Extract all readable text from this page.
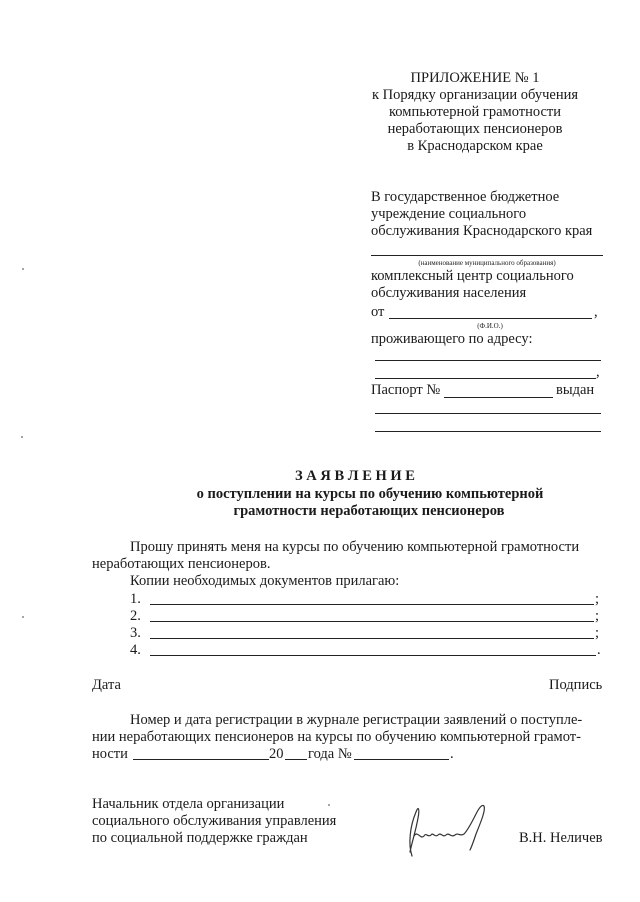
ПРИЛОЖЕНИЕ № 1
к Порядку организации обучения
компьютерной грамотности
неработающих пенсионеров
в Краснодарском крае
В государственное бюджетное
учреждение социального
обслуживания Краснодарского края
(наименование муниципального образования)
комплексный центр социального
обслуживания населения
от	,
(Ф.И.О.)
проживающего по адресу:
,
Паспорт №	выдан
З А Я В Л Е Н И Е
о поступлении на курсы по обучению компьютерной
грамотности неработающих пенсионеров
Прошу принять меня на курсы по обучению компьютерной грамотности
неработающих пенсионеров.
Копии необходимых документов прилагаю:
1.	;
2.	;
3.	;
4.	.
Дата	Подпись
Номер и дата регистрации в журнале регистрации заявлений о поступле-
нии неработающих пенсионеров на курсы по обучению компьютерной грамот-
ности	20 года №	.
Начальник отдела организации
социального обслуживания управления
по социальной поддержке граждан	В.Н. Неличев
